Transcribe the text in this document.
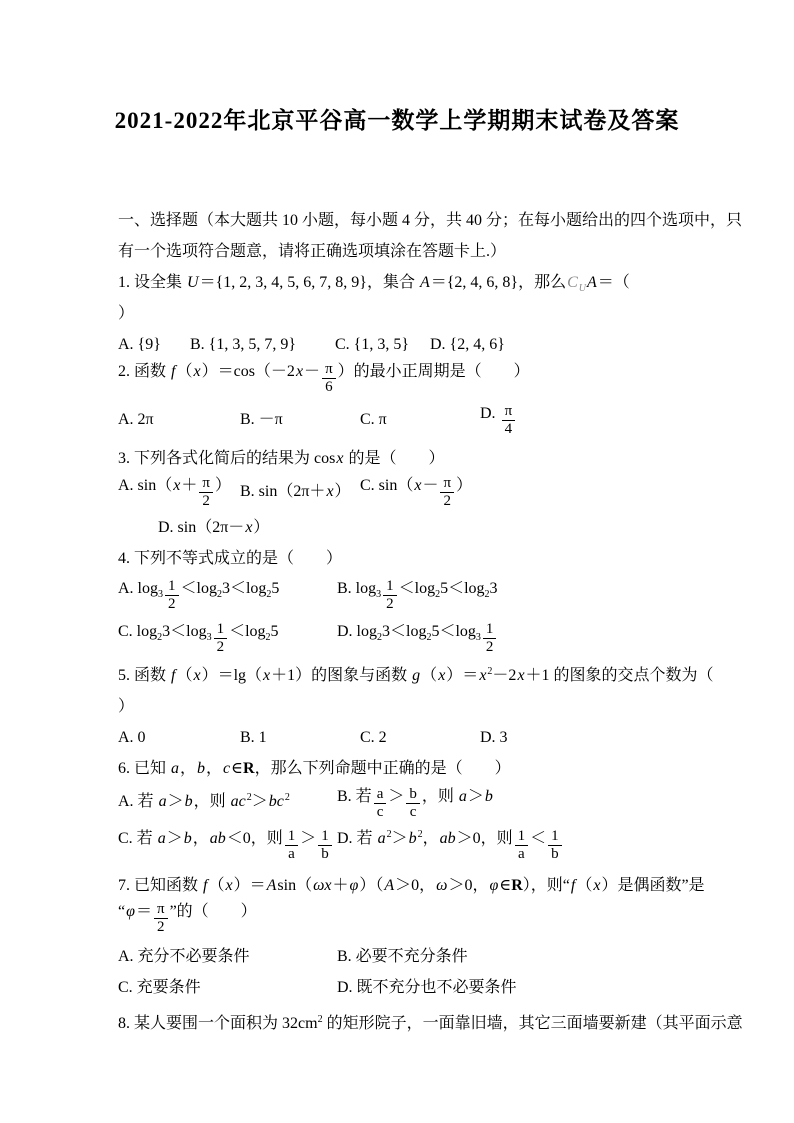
2021-2022年北京平谷高一数学上学期期末试卷及答案
一、选择题（本大题共 10 小题，每小题 4 分，共 40 分；在每小题给出的四个选项中，只
有一个选项符合题意，请将正确选项填涂在答题卡上.）
1. 设全集 U ＝{1, 2, 3, 4, 5, 6, 7, 8, 9}，集合 A ＝{2, 4, 6, 8}，那么 C U A ＝（
）
A. {9} B. {1, 3, 5, 7, 9} C. {1, 3, 5} D. {2, 4, 6}
2. 函数 f （ x ）＝cos（－2 $x - \frac{\pi}{6}$ ）的最小正周期是（　　）
A. 2π	B. －π	C. π	D. $\frac{\pi}{4}$
3. 下列各式化简后的结果为 cos x 的是（　　）
A. sin（ $x + \frac{\pi}{2}$ ） B. sin（2π＋ x ） C. sin（ $x - \frac{\pi}{2}$ ）
D. sin（2π－ x ）
4. 下列不等式成立的是（　　）
A. $\log 3 \frac{1}{2} <\log$ 2 3＜log 2 5	B. $\log 3 \frac{1}{2} <\log$ 2 5＜log 2 3
C. log 2 3＜log $3 \frac{1}{2} <\log$ 2 5	D. log 2 3＜log 2 5＜log $3 \frac{1}{2}$
5. 函数 f （ x ）＝lg（ x ＋1）的图象与函数 g （ x ）＝ x 2 －2 x ＋1 的图象的交点个数为（
）
A. 0	B. 1	C. 2	D. 3
6. 已知 a ， b ， c ∈ R ，那么下列命题中正确的是（　　）
A. 若 a ＞ b ，则 ac 2 ＞ bc 2	B. 若 $\frac{a}{c} > \frac{b}{c}$ ，则 a ＞ b
C. 若 a ＞ b ， ab ＜0，则 $\frac{1}{a} > \frac{1}{b} D$. 若 a 2 ＞ b 2 ， ab ＞0，则 $\frac{1}{a} < \frac{1}{b}$
7. 已知函数 f （ x ）＝ A sin（ ωx ＋ φ ）（ A ＞0， ω ＞0， φ ∈ R ），则“ f （ x ）是偶函数”是
“ $\varphi = \frac{\pi}{2}$ ”的（　　）
A. 充分不必要条件	B. 必要不充分条件
C. 充要条件	D. 既不充分也不必要条件
8. 某人要围一个面积为 32cm 2 的矩形院子，一面靠旧墙，其它三面墙要新建（其平面示意
